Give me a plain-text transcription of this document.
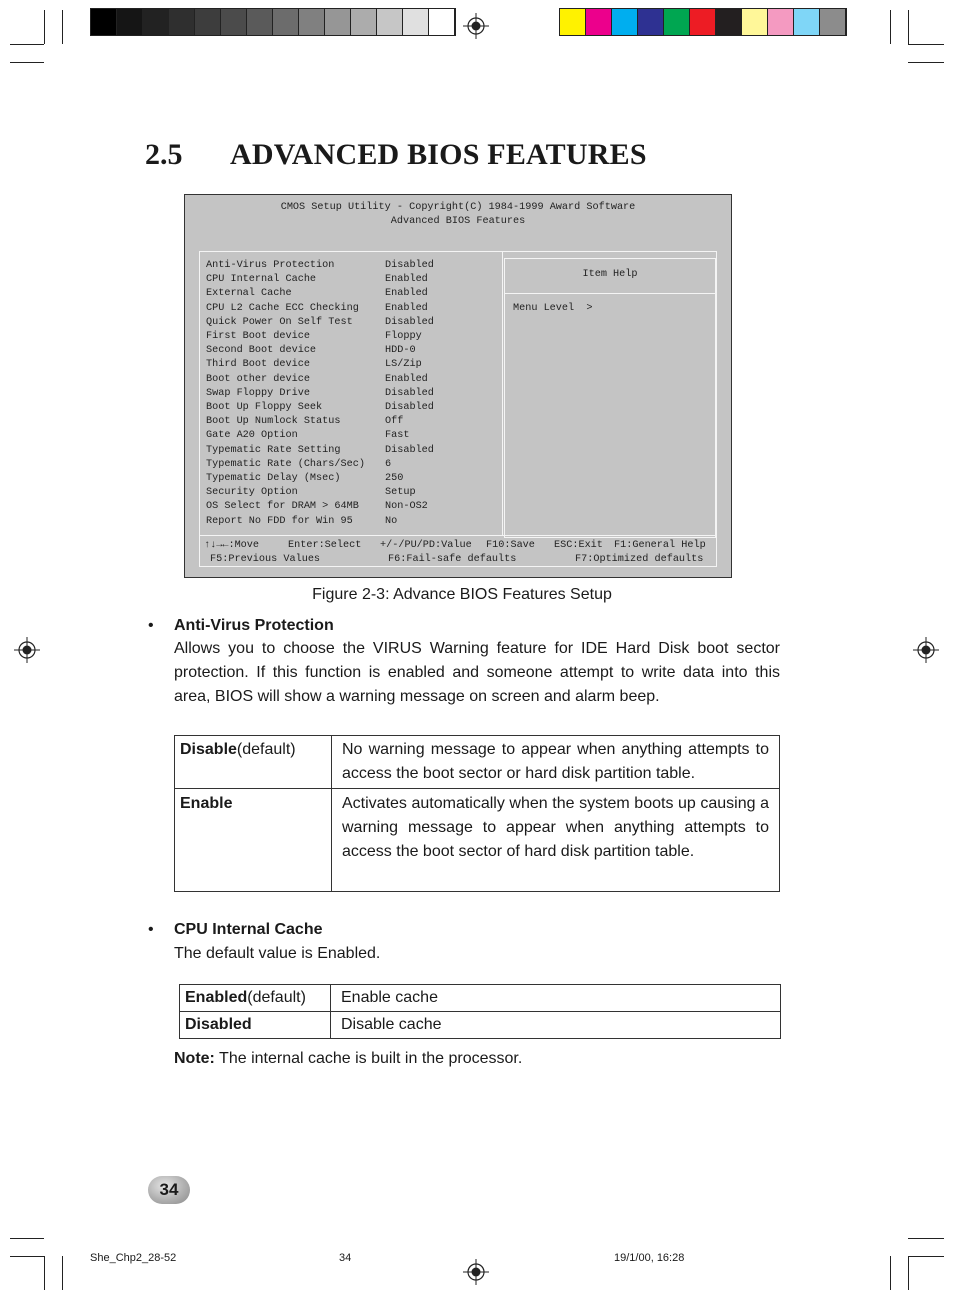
2.5 ADVANCED BIOS FEATURES
CMOS Setup Utility - Copyright(C) 1984-1999 Award Software
Advanced BIOS Features
Anti-Virus Protection	Disabled
CPU Internal Cache	Enabled
External Cache	Enabled
CPU L2 Cache ECC Checking	Enabled
Quick Power On Self Test	Disabled
First Boot device	Floppy
Second Boot device	HDD-0
Third Boot device	LS/Zip
Boot other device	Enabled
Swap Floppy Drive	Disabled
Boot Up Floppy Seek	Disabled
Boot Up Numlock Status	Off
Gate A20 Option	Fast
Typematic Rate Setting	Disabled
Typematic Rate (Chars/Sec) 6
Typematic Delay (Msec)	250
Security Option	Setup
OS Select for DRAM > 64MB	Non-OS2
Report No FDD for Win 95	No
Item Help
Menu Level  >
↑↓→←:Move	Enter:Select +/-/PU/PD:Value F10:Save ESC:Exit F1:General Help
F5:Previous Values	F6:Fail-safe defaults	F7:Optimized defaults
Figure 2-3: Advance BIOS Features Setup
• Anti-Virus Protection
Allows you to choose the VIRUS Warning feature for IDE Hard Disk boot sector protection. If this function is enabled and someone attempt to write data into this area, BIOS will show a warning message on screen and alarm beep.
Disable(default)	No warning message to appear when anything attempts to access the boot sector or hard disk partition table.
Enable	Activates automatically when the system boots up causing a warning message to appear when anything attempts to access the boot sector of hard disk partition table.
• CPU Internal Cache
The default value is Enabled.
Enabled(default)	Enable cache
Disabled	Disable cache
Note: The internal cache is built in the processor.
34
She_Chp2_28-52	34	19/1/00, 16:28
